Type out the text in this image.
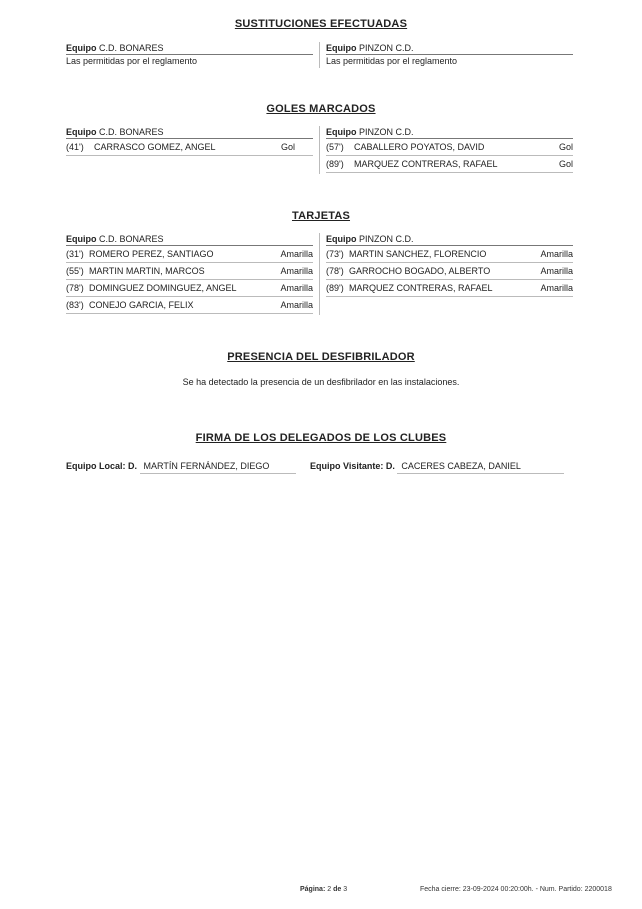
SUSTITUCIONES EFECTUADAS
Equipo C.D. BONARES
Las permitidas por el reglamento
Equipo PINZON C.D.
Las permitidas por el reglamento
GOLES MARCADOS
Equipo C.D. BONARES
(41') CARRASCO GOMEZ, ANGEL	Gol
Equipo PINZON C.D.
(57') CABALLERO POYATOS, DAVID	Gol
(89') MARQUEZ CONTRERAS, RAFAEL	Gol
TARJETAS
Equipo C.D. BONARES
(31') ROMERO PEREZ, SANTIAGO	Amarilla
(55') MARTIN MARTIN, MARCOS	Amarilla
(78') DOMINGUEZ DOMINGUEZ, ANGEL	Amarilla
(83') CONEJO GARCIA, FELIX	Amarilla
Equipo PINZON C.D.
(73') MARTIN SANCHEZ, FLORENCIO	Amarilla
(78') GARROCHO BOGADO, ALBERTO	Amarilla
(89') MARQUEZ CONTRERAS, RAFAEL	Amarilla
PRESENCIA DEL DESFIBRILADOR
Se ha detectado la presencia de un desfibrilador en las instalaciones.
FIRMA DE LOS DELEGADOS DE LOS CLUBES
Equipo Local: D. MARTÍN FERNÁNDEZ, DIEGO	Equipo Visitante: D. CACERES CABEZA, DANIEL
Página: 2 de 3	Fecha cierre: 23-09-2024 00:20:00h. - Num. Partido: 2200018
